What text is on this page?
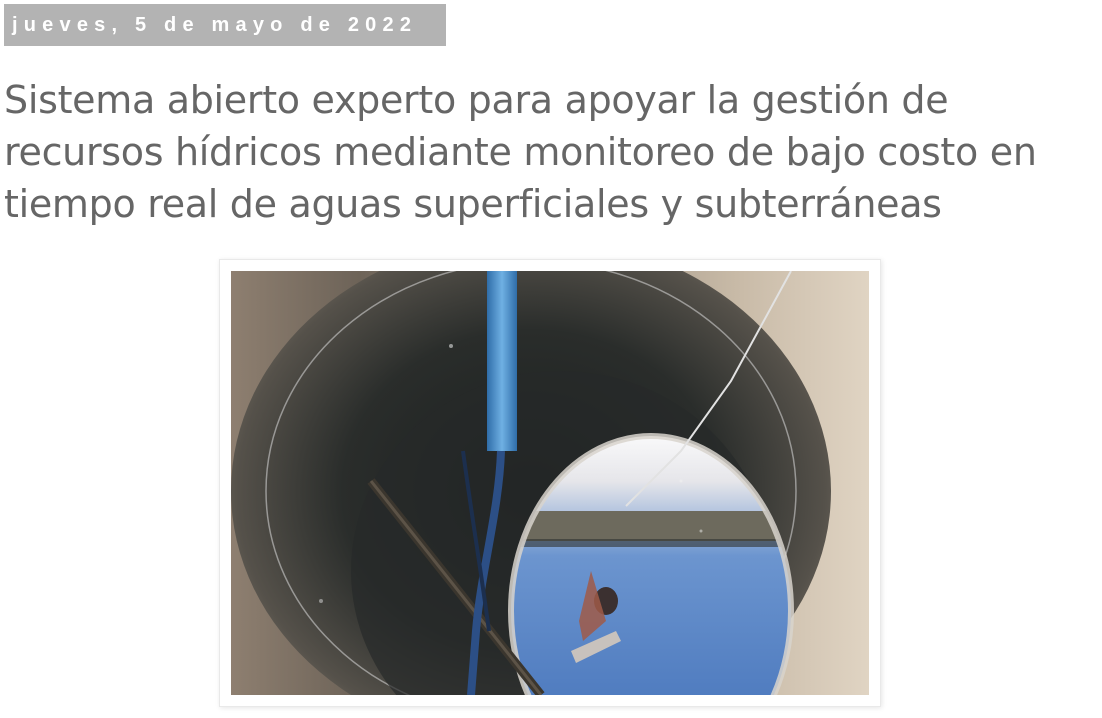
jueves, 5 de mayo de 2022
Sistema abierto experto para apoyar la gestión de recursos hídricos mediante monitoreo de bajo costo en tiempo real de aguas superficiales y subterráneas
